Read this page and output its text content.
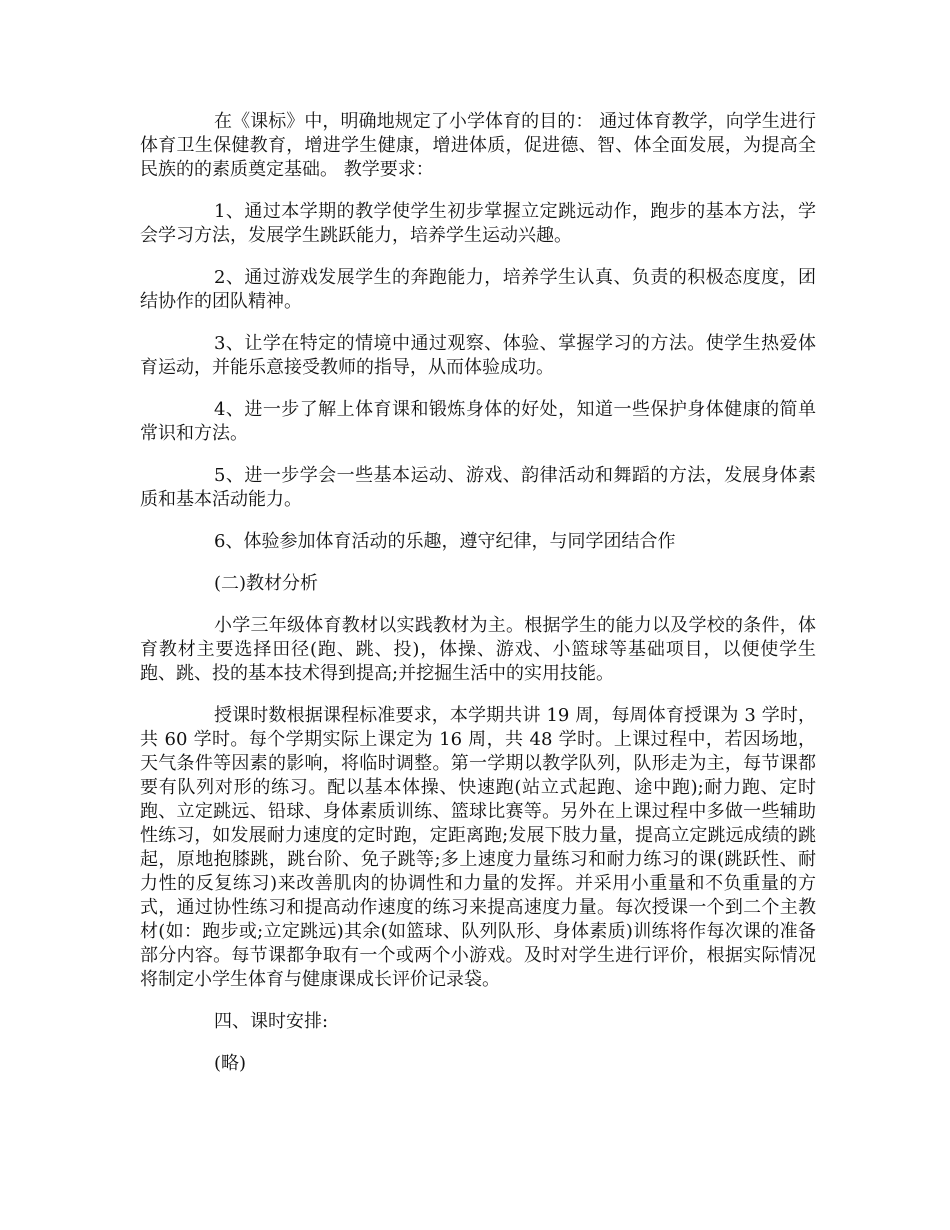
在《课标》中，明确地规定了小学体育的目的： 通过体育教学，向学生进行体育卫生保健教育，增进学生健康，增进体质，促进德、智、体全面发展，为提高全民族的的素质奠定基础。 教学要求：

1、通过本学期的教学使学生初步掌握立定跳远动作，跑步的基本方法，学会学习方法，发展学生跳跃能力，培养学生运动兴趣。

2、通过游戏发展学生的奔跑能力，培养学生认真、负责的积极态度度，团结协作的团队精神。

3、让学在特定的情境中通过观察、体验、掌握学习的方法。使学生热爱体育运动，并能乐意接受教师的指导，从而体验成功。

4、进一步了解上体育课和锻炼身体的好处，知道一些保护身体健康的简单常识和方法。

5、进一步学会一些基本运动、游戏、韵律活动和舞蹈的方法，发展身体素质和基本活动能力。

6、体验参加体育活动的乐趣，遵守纪律，与同学团结合作

(二)教材分析

小学三年级体育教材以实践教材为主。根据学生的能力以及学校的条件，体育教材主要选择田径(跑、跳、投)，体操、游戏、小篮球等基础项目，以便使学生跑、跳、投的基本技术得到提高;并挖掘生活中的实用技能。

授课时数根据课程标准要求，本学期共讲 19 周，每周体育授课为 3 学时，共 60 学时。每个学期实际上课定为 16 周，共 48 学时。上课过程中，若因场地，天气条件等因素的影响，将临时调整。第一学期以教学队列，队形走为主，每节课都要有队列对形的练习。配以基本体操、快速跑(站立式起跑、途中跑);耐力跑、定时跑、立定跳远、铅球、身体素质训练、篮球比赛等。另外在上课过程中多做一些辅助性练习，如发展耐力速度的定时跑，定距离跑;发展下肢力量，提高立定跳远成绩的跳起，原地抱膝跳，跳台阶、免子跳等;多上速度力量练习和耐力练习的课(跳跃性、耐力性的反复练习)来改善肌肉的协调性和力量的发挥。并采用小重量和不负重量的方式，通过协性练习和提高动作速度的练习来提高速度力量。每次授课一个到二个主教材(如：跑步或;立定跳远)其余(如篮球、队列队形、身体素质)训练将作每次课的准备部分内容。每节课都争取有一个或两个小游戏。及时对学生进行评价，根据实际情况将制定小学生体育与健康课成长评价记录袋。

四、课时安排:

(略)
